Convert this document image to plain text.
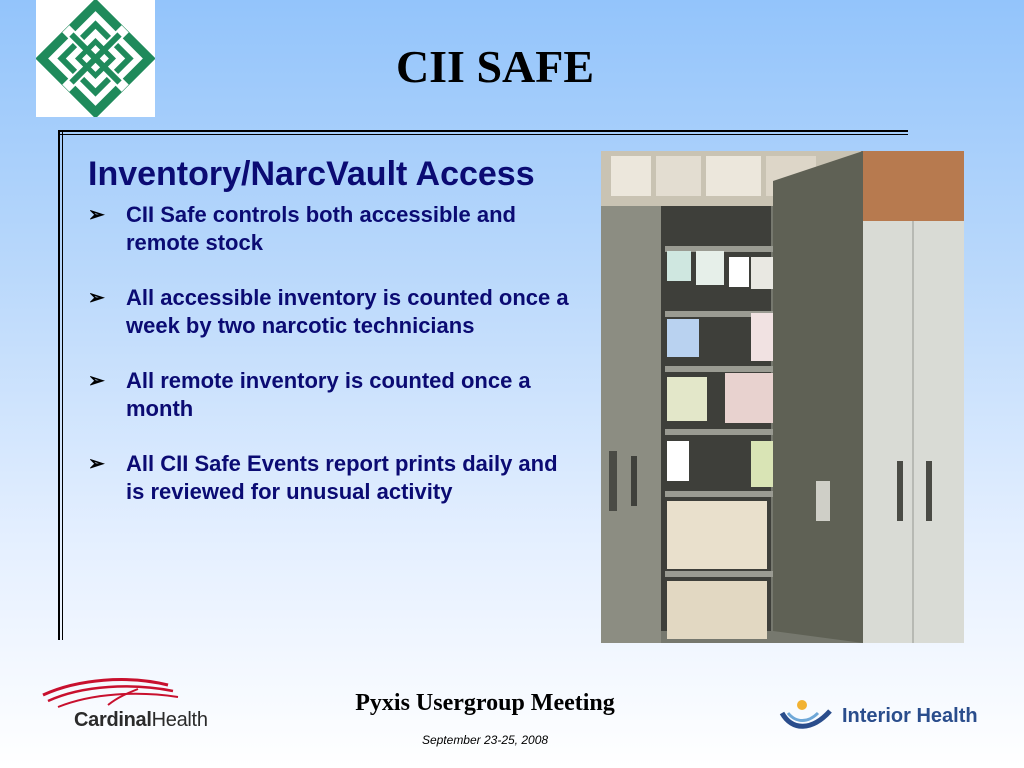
CII SAFE
Inventory/NarcVault Access
➢ CII Safe controls both accessible and remote stock
➢ All accessible inventory is counted once a week by two narcotic technicians
➢ All remote inventory is counted once a month
➢ All CII Safe Events report prints daily and is reviewed for unusual activity
CardinalHealth
Pyxis Usergroup Meeting
September 23-25, 2008
Interior Health
